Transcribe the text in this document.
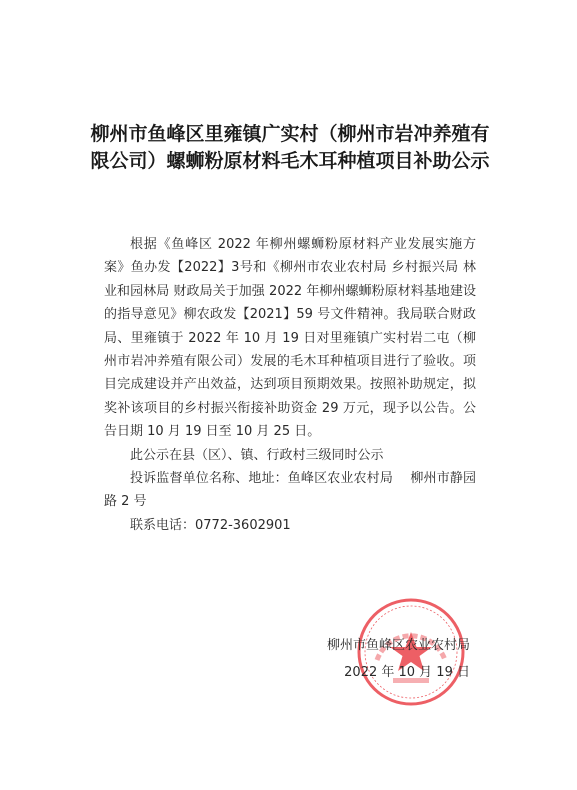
柳州市鱼峰区里雍镇广实村（柳州市岩冲养殖有限公司）螺蛳粉原材料毛木耳种植项目补助公示

根据《鱼峰区 2022 年柳州螺蛳粉原材料产业发展实施方案》鱼办发【2022】3号和《柳州市农业农村局 乡村振兴局 林业和园林局 财政局关于加强 2022 年柳州螺蛳粉原材料基地建设的指导意见》柳农政发【2021】59 号文件精神。我局联合财政局、里雍镇于 2022 年 10 月 19 日对里雍镇广实村岩二屯（柳州市岩冲养殖有限公司）发展的毛木耳种植项目进行了验收。项目完成建设并产出效益，达到项目预期效果。按照补助规定，拟奖补该项目的乡村振兴衔接补助资金 29 万元，现予以公告。公告日期 10 月 19 日至 10 月 25 日。

此公示在县（区）、镇、行政村三级同时公示

投诉监督单位名称、地址：鱼峰区农业农村局　 柳州市静园路 2 号

联系电话：0772-3602901

柳州市鱼峰区农业农村局
2022 年 10 月 19 日
